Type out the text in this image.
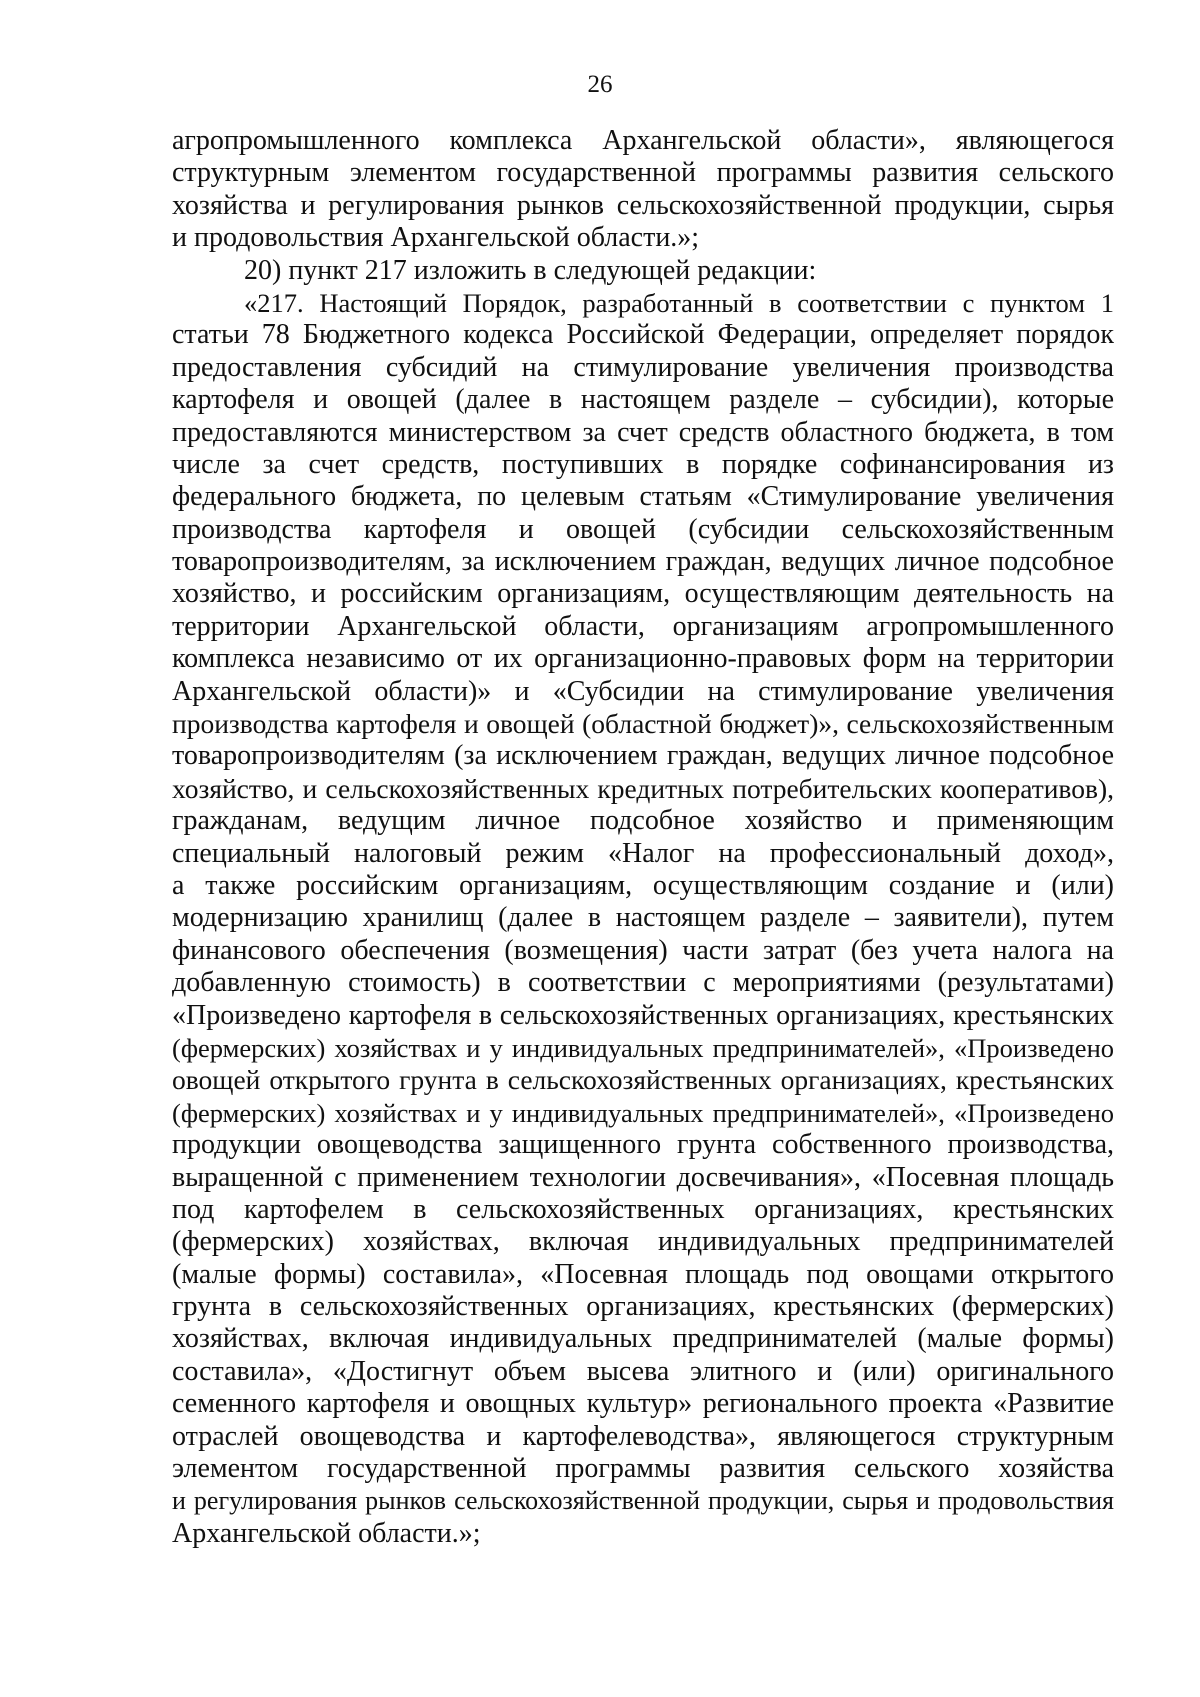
26
агропромышленного комплекса Архангельской области», являющегося
структурным элементом государственной программы развития сельского
хозяйства и регулирования рынков сельскохозяйственной продукции, сырья
и продовольствия Архангельской области.»;
20) пункт 217 изложить в следующей редакции:
«217. Настоящий Порядок, разработанный в соответствии с пунктом 1
статьи 78 Бюджетного кодекса Российской Федерации, определяет порядок
предоставления субсидий на стимулирование увеличения производства
картофеля и овощей (далее в настоящем разделе – субсидии), которые
предоставляются министерством за счет средств областного бюджета, в том
числе за счет средств, поступивших в порядке софинансирования из
федерального бюджета, по целевым статьям «Стимулирование увеличения
производства картофеля и овощей (субсидии сельскохозяйственным
товаропроизводителям, за исключением граждан, ведущих личное подсобное
хозяйство, и российским организациям, осуществляющим деятельность на
территории Архангельской области, организациям агропромышленного
комплекса независимо от их организационно-правовых форм на территории
Архангельской области)» и «Субсидии на стимулирование увеличения
производства картофеля и овощей (областной бюджет)», сельскохозяйственным
товаропроизводителям (за исключением граждан, ведущих личное подсобное
хозяйство, и сельскохозяйственных кредитных потребительских кооперативов),
гражданам, ведущим личное подсобное хозяйство и применяющим
специальный налоговый режим «Налог на профессиональный доход»,
а также российским организациям, осуществляющим создание и (или)
модернизацию хранилищ (далее в настоящем разделе – заявители), путем
финансового обеспечения (возмещения) части затрат (без учета налога на
добавленную стоимость) в соответствии с мероприятиями (результатами)
«Произведено картофеля в сельскохозяйственных организациях, крестьянских
(фермерских) хозяйствах и у индивидуальных предпринимателей», «Произведено
овощей открытого грунта в сельскохозяйственных организациях, крестьянских
(фермерских) хозяйствах и у индивидуальных предпринимателей», «Произведено
продукции овощеводства защищенного грунта собственного производства,
выращенной с применением технологии досвечивания», «Посевная площадь
под картофелем в сельскохозяйственных организациях, крестьянских
(фермерских) хозяйствах, включая индивидуальных предпринимателей
(малые формы) составила», «Посевная площадь под овощами открытого
грунта в сельскохозяйственных организациях, крестьянских (фермерских)
хозяйствах, включая индивидуальных предпринимателей (малые формы)
составила», «Достигнут объем высева элитного и (или) оригинального
семенного картофеля и овощных культур» регионального проекта «Развитие
отраслей овощеводства и картофелеводства», являющегося структурным
элементом государственной программы развития сельского хозяйства
и регулирования рынков сельскохозяйственной продукции, сырья и продовольствия
Архангельской области.»;
